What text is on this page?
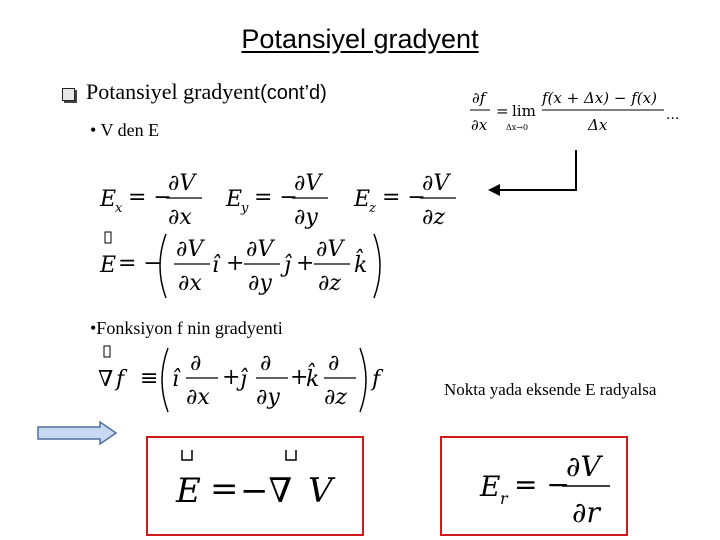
Potansiyel gradyent
Potansiyel gradyent(cont’d)	∂f
∂x
= lim
Δx→0
f(x + Δx) − f(x)
Δx
...
• V den E
E
x = −
∂V
∂x
E
y = −
∂V
∂y
E
z = −
∂V
∂z
E = −
∂V
∂x
î +
∂V
∂y
ĵ +
∂V
∂z
k̂
•Fonksiyon f nin gradyenti
∇ f ≡ î
∂
∂x
+ ĵ
∂
∂y
+
k̂
∂
∂z
f	Nokta yada eksende E radyalsa
E = −∇ V	E r = −
∂V
∂r
